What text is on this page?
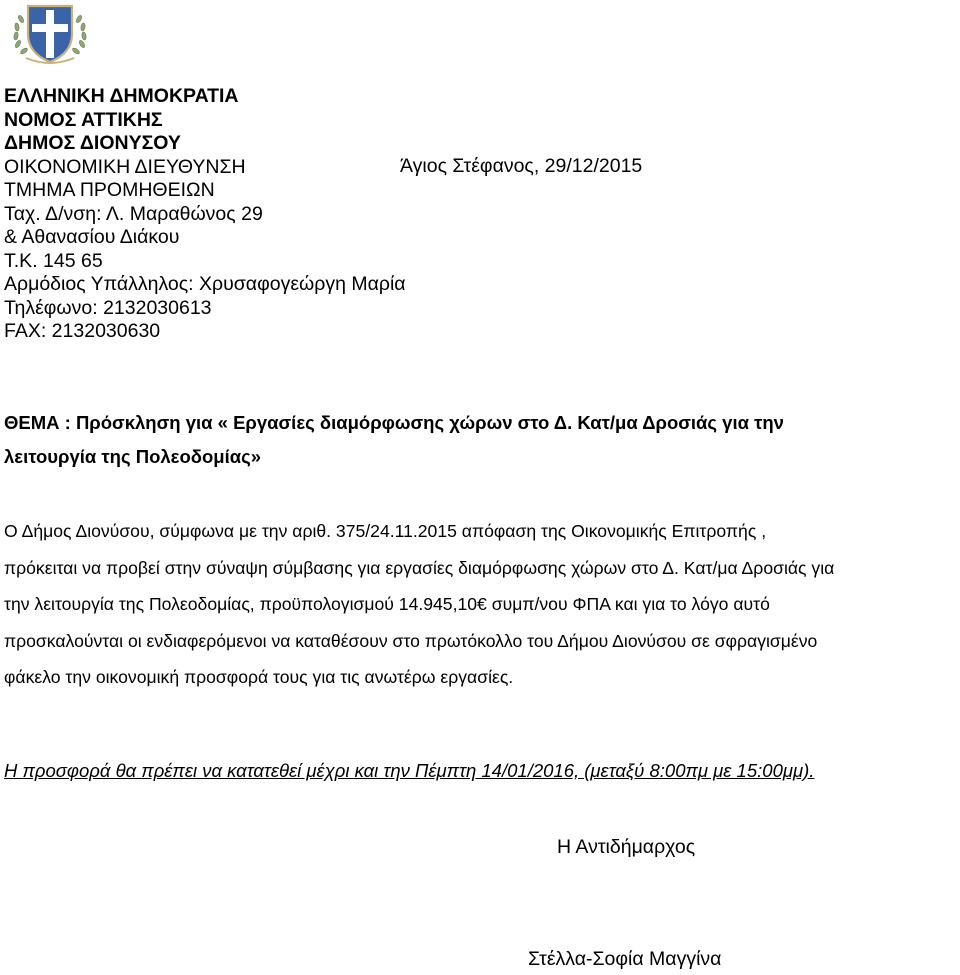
ΕΛΛΗΝΙΚΗ ΔΗΜΟΚΡΑΤΙΑ
ΝΟΜΟΣ ΑΤΤΙΚΗΣ
ΔΗΜΟΣ ΔΙΟΝΥΣΟΥ
ΟΙΚΟΝΟΜΙΚΗ ΔΙΕΥΘΥΝΣΗ
ΤΜΗΜΑ ΠΡΟΜΗΘΕΙΩΝ
Ταχ. Δ/νση: Λ. Μαραθώνος 29
& Αθανασίου Διάκου
Τ.Κ. 145 65
Αρμόδιος Υπάλληλος: Χρυσαφογεώργη Μαρία
Τηλέφωνο: 2132030613
FAX: 2132030630
Άγιος Στέφανος, 29/12/2015
ΘΕΜΑ : Πρόσκληση για « Εργασίες διαμόρφωσης χώρων στο Δ. Κατ/μα Δροσιάς για την
λειτουργία της Πολεοδομίας»
Ο Δήμος Διονύσου, σύμφωνα με την αριθ. 375/24.11.2015 απόφαση της Οικονομικής Επιτροπής ,
πρόκειται να προβεί στην σύναψη σύμβασης για εργασίες διαμόρφωσης χώρων στο Δ. Κατ/μα Δροσιάς για
την λειτουργία της Πολεοδομίας, προϋπολογισμού 14.945,10€ συμπ/νου ΦΠΑ και για το λόγο αυτό
προσκαλούνται οι ενδιαφερόμενοι να καταθέσουν στο πρωτόκολλο του Δήμου Διονύσου σε σφραγισμένο
φάκελο την οικονομική προσφορά τους για τις ανωτέρω εργασίες.
Η προσφορά θα πρέπει να κατατεθεί μέχρι και την Πέμπτη 14/01/2016, (μεταξύ 8:00πμ με 15:00μμ).
Η Αντιδήμαρχος
Στέλλα-Σοφία Μαγγίνα
